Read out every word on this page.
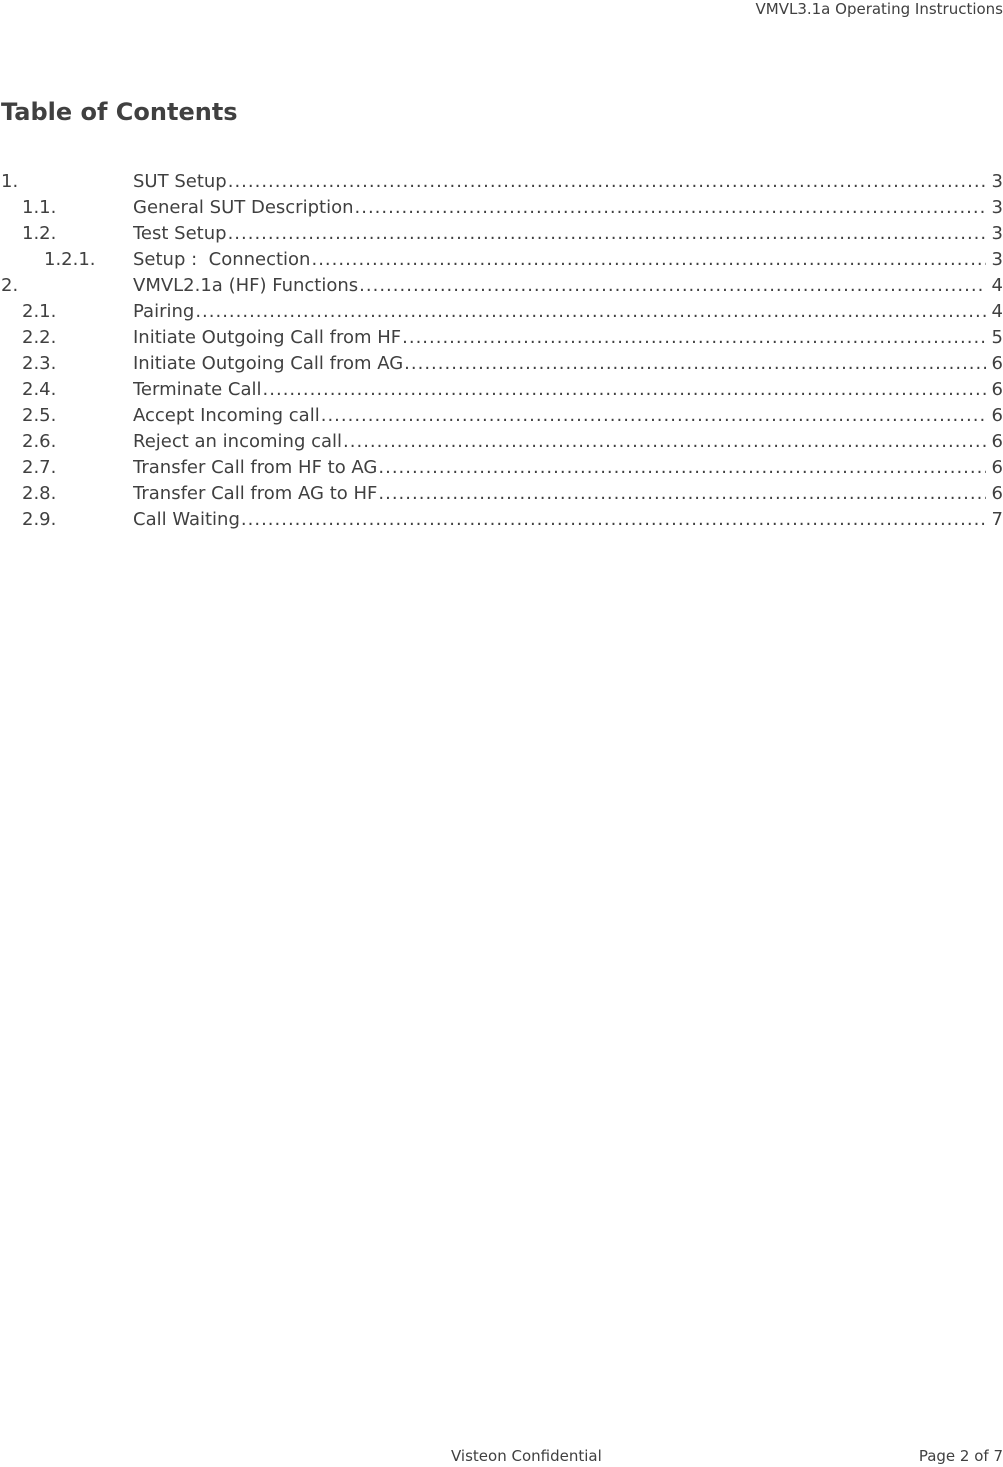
VMVL3.1a Operating Instructions
Table of Contents
1.	SUT Setup .....	3
1.1.	General SUT Description .....	3
1.2.	Test Setup .....	3
1.2.1. Setup :  Connection .....	3
2.	VMVL2.1a (HF) Functions .....	4
2.1.	Pairing .....	4
2.2.	Initiate Outgoing Call from HF .....	5
2.3.	Initiate Outgoing Call from AG .....	6
2.4.	Terminate Call .....	6
2.5.	Accept Incoming call .....	6
2.6.	Reject an incoming call .....	6
2.7.	Transfer Call from HF to AG .....	6
2.8.	Transfer Call from AG to HF .....	6
2.9.	Call Waiting .....	7
Visteon Confidential	Page 2 of 7
